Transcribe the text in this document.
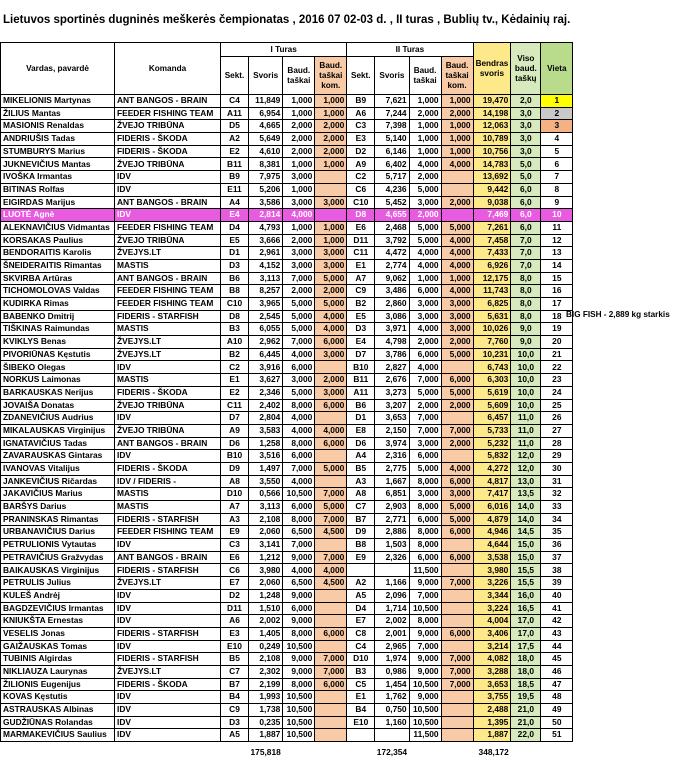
Lietuvos sportinės dugninės meškerės čempionatas , 2016 07 02-03 d. , II turas , Bublių tv., Kėdainių raj.
Vardas, pavardė	Komanda	I Turas				II Turas				Bendras svoris	Viso baud. taškų	Vieta
		Sekt.	Svoris	Baud. taškai	Baud. taškai kom.	Sekt.	Svoris	Baud. taškai	Baud. taškai kom.			
MIKELIONIS Martynas	ANT BANGOS - BRAIN	C4	11,849	1,000	1,000	B9	7,621	1,000	1,000	19,470	2,0	1
ŽILIUS Mantas	FEEDER FISHING TEAM	A11	6,954	1,000	1,000	A6	7,244	2,000	2,000	14,198	3,0	2
MASIONIS Renaldas	ŽVEJO TRIBŪNA	D5	4,665	2,000	2,000	C3	7,398	1,000	1,000	12,063	3,0	3
ANDRIUŠIS Tadas	FIDERIS - ŠKODA	A2	5,649	2,000	2,000	E3	5,140	1,000	1,000	10,789	3,0	4
STUMBURYS Marius	FIDERIS - ŠKODA	E2	4,610	2,000	2,000	D2	6,146	1,000	1,000	10,756	3,0	5
JUKNEVIČIUS Mantas	ŽVEJO TRIBŪNA	B11	8,381	1,000	1,000	A9	6,402	4,000	4,000	14,783	5,0	6
IVOŠKA Irmantas	IDV	B9	7,975	3,000		C2	5,717	2,000		13,692	5,0	7
BITINAS Rolfas	IDV	E11	5,206	1,000		C6	4,236	5,000		9,442	6,0	8
EIGIRDAS Marijus	ANT BANGOS - BRAIN	A4	3,586	3,000	3,000	C10	5,452	3,000	2,000	9,038	6,0	9
LUOTĖ Agnė	IDV	E4	2,814	4,000		D8	4,655	2,000		7,469	6,0	10
ALEKNAVIČIUS Vidmantas	FEEDER FISHING TEAM	D4	4,793	1,000	1,000	E6	2,468	5,000	5,000	7,261	6,0	11
KORSAKAS Paulius	ŽVEJO TRIBŪNA	E5	3,666	2,000	1,000	D11	3,792	5,000	4,000	7,458	7,0	12
BENDORAITIS Karolis	ŽVEJYS.LT	D1	2,961	3,000	3,000	C11	4,472	4,000	4,000	7,433	7,0	13
ŠNEIDERAITIS Rimantas	MASTIS	D3	4,152	3,000	3,000	E1	2,774	4,000	4,000	6,926	7,0	14
SKVIRBA Artūras	ANT BANGOS - BRAIN	B6	3,113	7,000	5,000	A7	9,062	1,000	1,000	12,175	8,0	15
TICHOMOLOVAS Valdas	FEEDER FISHING TEAM	B8	8,257	2,000	2,000	C9	3,486	6,000	4,000	11,743	8,0	16
KUDIRKA Rimas	FEEDER FISHING TEAM	C10	3,965	5,000	5,000	B2	2,860	3,000	3,000	6,825	8,0	17
BABENKO Dmitrij	FIDERIS - STARFISH	D8	2,545	5,000	4,000	E5	3,086	3,000	3,000	5,631	8,0	18
TIŠKINAS Raimundas	MASTIS	B3	6,055	5,000	4,000	D3	3,971	4,000	3,000	10,026	9,0	19
KVIKLYS Benas	ŽVEJYS.LT	A10	2,962	7,000	6,000	E4	4,798	2,000	2,000	7,760	9,0	20
PIVORIŪNAS Kęstutis	ŽVEJYS.LT	B2	6,445	4,000	3,000	D7	3,786	6,000	5,000	10,231	10,0	21
ŠIBEKO Olegas	IDV	C2	3,916	6,000		B10	2,827	4,000		6,743	10,0	22
NORKUS Laimonas	MASTIS	E1	3,627	3,000	2,000	B11	2,676	7,000	6,000	6,303	10,0	23
BARKAUSKAS Nerijus	FIDERIS - ŠKODA	E2	2,346	5,000	3,000	A11	3,273	5,000	5,000	5,619	10,0	24
JOVAIŠA Donatas	ŽVEJO TRIBŪNA	C11	2,402	8,000	6,000	B6	3,207	2,000	2,000	5,609	10,0	25
ZDANEVIČIUS Audrius	IDV	D7	2,804	4,000		D1	3,653	7,000		6,457	11,0	26
MIKALAUSKAS Virginijus	ŽVEJO TRIBŪNA	A9	3,583	4,000	4,000	E8	2,150	7,000	7,000	5,733	11,0	27
IGNATAVIČIUS Tadas	ANT BANGOS - BRAIN	D6	1,258	8,000	6,000	D6	3,974	3,000	2,000	5,232	11,0	28
ZAVARAUSKAS Gintaras	IDV	B10	3,516	6,000		A4	2,316	6,000		5,832	12,0	29
IVANOVAS Vitalijus	FIDERIS - ŠKODA	D9	1,497	7,000	5,000	B5	2,775	5,000	4,000	4,272	12,0	30
JANKEVIČIUS Ričardas	IDV / FIDERIS -	A8	3,550	4,000		A3	1,667	8,000	6,000	4,817	13,0	31
JAKAVIČIUS Marius	MASTIS	D10	0,566	10,500	7,000	A8	6,851	3,000	3,000	7,417	13,5	32
BARŠYS Darius	MASTIS	A7	3,113	6,000	5,000	C7	2,903	8,000	5,000	6,016	14,0	33
PRANINSKAS Rimantas	FIDERIS - STARFISH	A3	2,108	8,000	7,000	B7	2,771	6,000	5,000	4,879	14,0	34
URBANAVIČIUS Darius	FEEDER FISHING TEAM	E9	2,060	6,500	4,500	D9	2,886	8,000	6,000	4,946	14,5	35
PETRULIONIS Vytautas	IDV	C3	3,141	7,000		B8	1,503	8,000		4,644	15,0	36
PETRAVIČIUS Gražvydas	ANT BANGOS - BRAIN	E6	1,212	9,000	7,000	E9	2,326	6,000	6,000	3,538	15,0	37
BAIKAUSKAS Virginijus	FIDERIS - STARFISH	C6	3,980	4,000	4,000			11,500		3,980	15,5	38
PETRULIS Julius	ŽVEJYS.LT	E7	2,060	6,500	4,500	A2	1,166	9,000	7,000	3,226	15,5	39
KULEŠ Andrėj	IDV	D2	1,248	9,000		A5	2,096	7,000		3,344	16,0	40
BAGDZEVIČIUS Irmantas	IDV	D11	1,510	6,000		D4	1,714	10,500		3,224	16,5	41
KNIUKŠTA Ernestas	IDV	A6	2,002	9,000		E7	2,002	8,000		4,004	17,0	42
VESELIS Jonas	FIDERIS - STARFISH	E3	1,405	8,000	6,000	C8	2,001	9,000	6,000	3,406	17,0	43
GAIŽAUSKAS Tomas	IDV	E10	0,249	10,500		C4	2,965	7,000		3,214	17,5	44
TUBINIS Algirdas	FIDERIS - STARFISH	B5	2,108	9,000	7,000	D10	1,974	9,000	7,000	4,082	18,0	45
NIKLIAUZA Laurynas	ŽVEJYS.LT	C7	2,302	9,000	7,000	B3	0,986	9,000	7,000	3,288	18,0	46
ŽILIONIS Eugenijus	FIDERIS - ŠKODA	B7	2,199	8,000	6,000	C5	1,454	10,500	7,000	3,653	18,5	47
KOVAS Kęstutis	IDV	B4	1,993	10,500		E1	1,762	9,000		3,755	19,5	48
ASTRAUSKAS Albinas	IDV	C9	1,738	10,500		B4	0,750	10,500		2,488	21,0	49
GUDŽIŪNAS Rolandas	IDV	D3	0,235	10,500		E10	1,160	10,500		1,395	21,0	50
MARMAKEVIČIUS Saulius	IDV	A5	1,887	10,500				11,500		1,887	22,0	51
			175,818				172,354			348,172		
BIG FISH - 2,889 kg starkis
